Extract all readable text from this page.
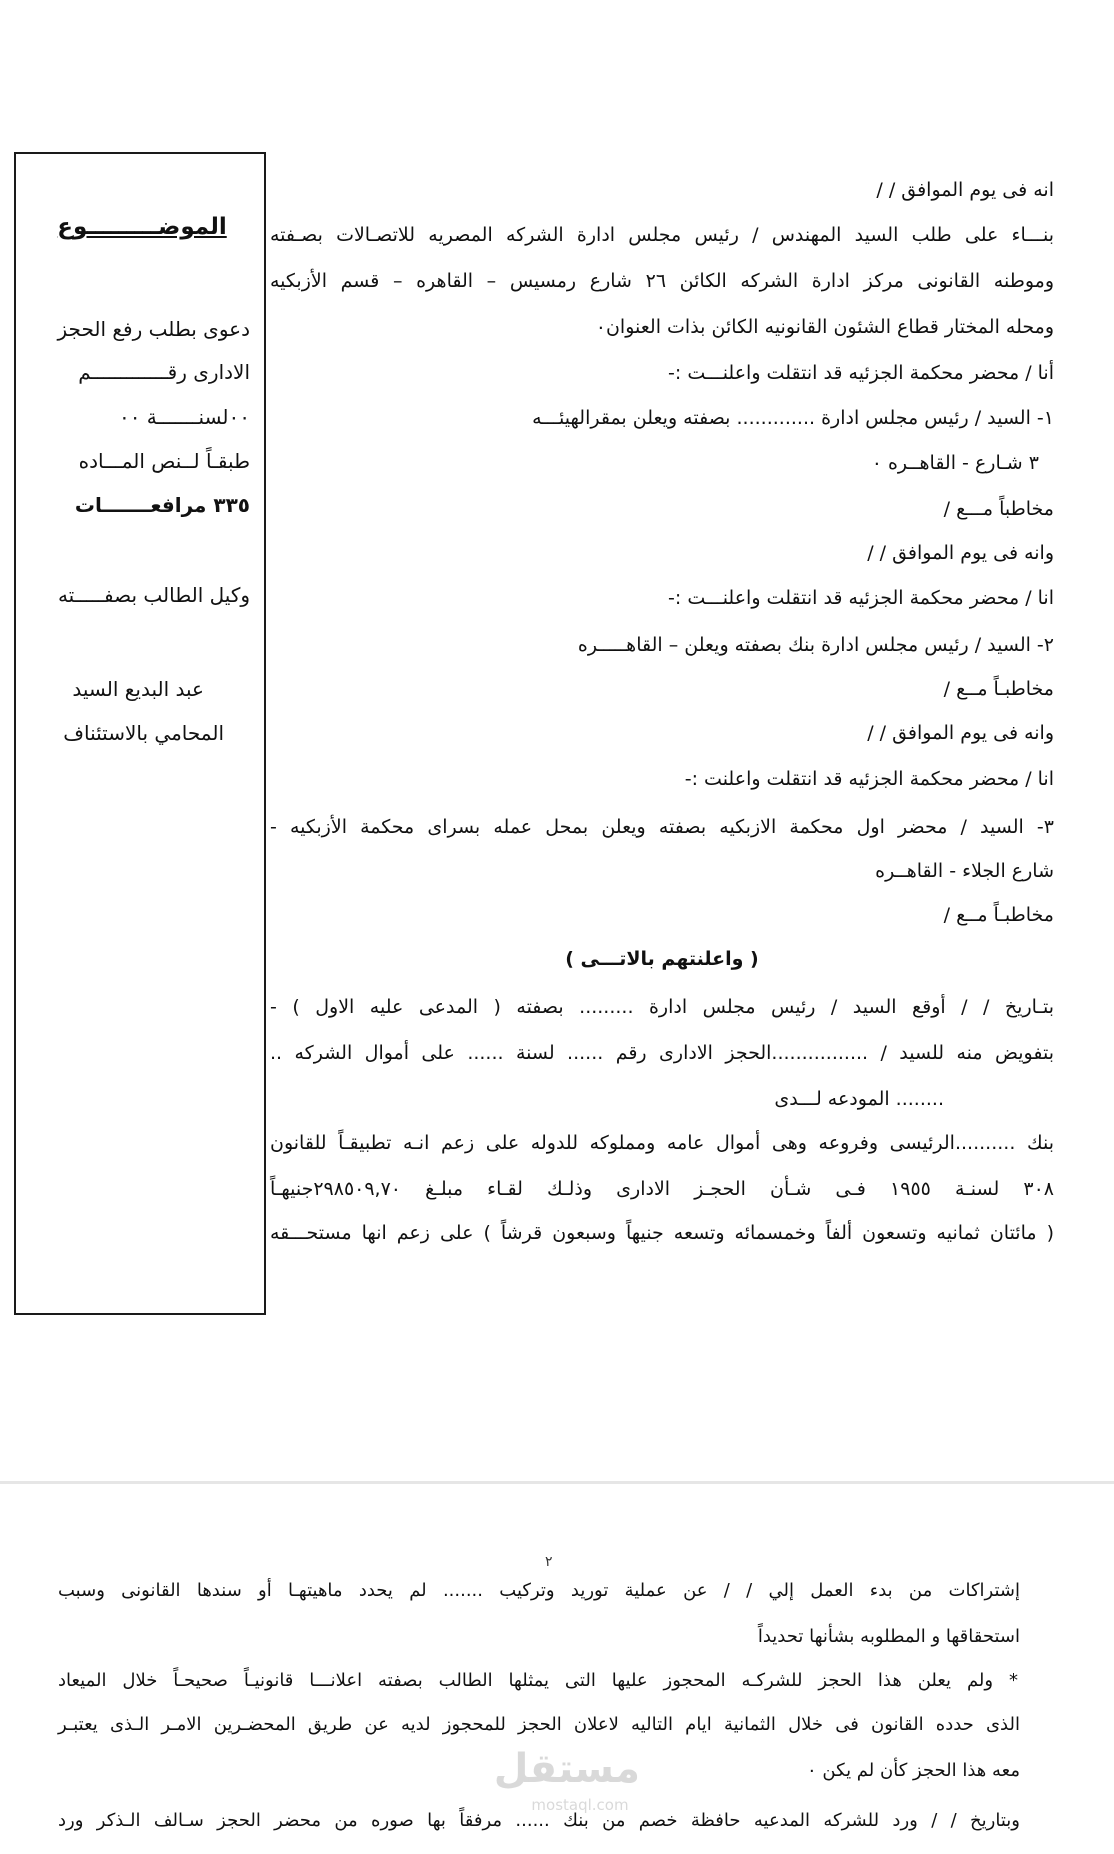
الموضـــــــــوع
دعوى بطلب رفع الحجز
الادارى رقـــــــــــــم
٠٠لسنـــــــة ٠٠
طبقـاً لــنص المـــاده
٣٣٥ مرافعـــــــات
وكيل الطالب بصفـــــته
عبد البديع السيد
المحامي بالاستئناف
انه فى يوم الموافق / /
بنـــاء على طلب السيد المهندس / رئيس مجلس ادارة الشركه المصريه للاتصـالات بصـفته
وموطنه القانونى مركز ادارة الشركه الكائن ٢٦ شارع رمسيس – القاهره – قسم الأزبكيه
ومحله المختار قطاع الشئون القانونيه الكائن بذات العنوان٠
أنا / محضر محكمة الجزئيه قد انتقلت واعلنـــت :-
١- السيد / رئيس مجلس ادارة ............. بصفته ويعلن بمقرالهيئـــه
٣ شـارع - القاهــره ٠
مخاطباً مـــع /
وانه فى يوم الموافق / /
انا / محضر محكمة الجزئيه قد انتقلت واعلنـــت :-
٢- السيد / رئيس مجلس ادارة بنك بصفته ويعلن – القاهـــــره
مخاطبـاً مــع /
وانه فى يوم الموافق / /
انا / محضر محكمة الجزئيه قد انتقلت واعلنت :-
٣- السيد / محضر اول محكمة الازبكيه بصفته ويعلن بمحل عمله بسراى محكمة الأزبكيه -
شارع الجلاء - القاهــره
مخاطبـاً مــع /
( واعلنتهم بالاتـــى )
بتـاريخ / / أوقع السيد / رئيس مجلس ادارة ......... بصفته ( المدعى عليه الاول ) -
بتفويض منه للسيد / ................الحجز الادارى رقم ...... لسنة ...... على أموال الشركه ..
........ المودعه لـــدى
بنك ..........الرئيسى وفروعه وهى أموال عامه ومملوكه للدوله على زعم انـه تطبيقـاً للقانون
٣٠٨ لسنـة ١٩٥٥ فـى شـأن الحجـز الادارى وذلـك لقـاء مبلـغ ٢٩٨٥٠٩,٧٠جنيهـاً
( مائتان ثمانيه وتسعون ألفاً وخمسمائه وتسعه جنيهاً وسبعون قرشاً ) على زعم انها مستحـــقه
٢
إشتراكات من بدء العمل إلي / / عن عملية توريد وتركيب ....... لم يحدد ماهيتهـا أو سندها القانونى وسبب
استحقاقها و المطلوبه بشأنها تحديداً
* ولم يعلن هذا الحجز للشركـه المحجوز عليها التى يمثلها الطالب بصفته اعلانـــا قانونيـاً صحيحـاً خلال الميعاد
الذى حدده القانون فى خلال الثمانية ايام التاليه لاعلان الحجز للمحجوز لديه عن طريق المحضـرين الامـر الـذى يعتبـر
معه هذا الحجز كأن لم يكن ٠
وبتاريخ / / ورد للشركه المدعيه حافظة خصم من بنك ...... مرفقاً بها صوره من محضر الحجز سـالف الـذكر ورد
مستقل
mostaql.com
